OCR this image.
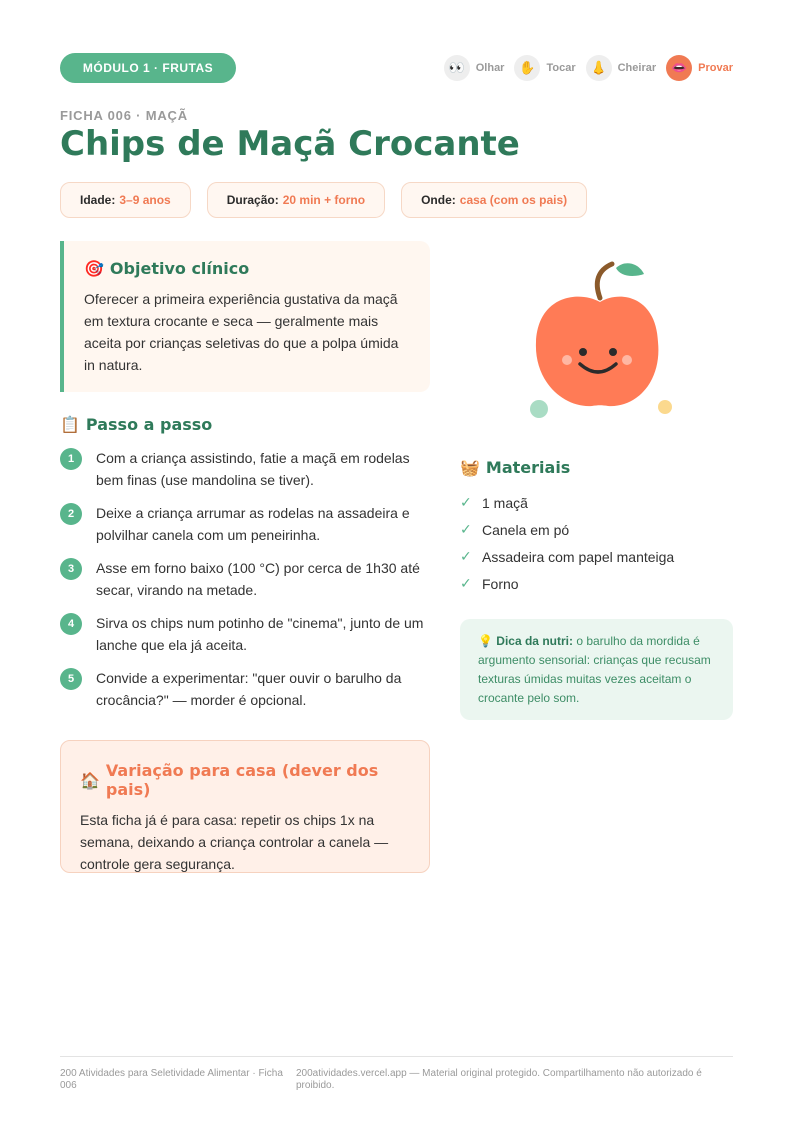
MÓDULO 1 · FRUTAS	👀 Olhar	✋ Tocar	👃 Cheirar	👄 Provar
FICHA 006 · MAÇÃ
Chips de Maçã Crocante
Idade: 3–9 anos	Duração: 20 min + forno	Onde: casa (com os pais)
🎯 Objetivo clínico
Oferecer a primeira experiência gustativa da maçã em textura crocante e seca — geralmente mais aceita por crianças seletivas do que a polpa úmida in natura.
📋 Passo a passo
1	Com a criança assistindo, fatie a maçã em rodelas bem finas (use mandolina se tiver).
2	Deixe a criança arrumar as rodelas na assadeira e polvilhar canela com um peneirinha.
3	Asse em forno baixo (100 °C) por cerca de 1h30 até secar, virando na metade.
4	Sirva os chips num potinho de "cinema", junto de um lanche que ela já aceita.
5	Convide a experimentar: "quer ouvir o barulho da crocância?" — morder é opcional.
🏠 Variação para casa (dever dos pais)
Esta ficha já é para casa: repetir os chips 1x na semana, deixando a criança controlar a canela — controle gera segurança.
🧺 Materiais
✓ 1 maçã
✓ Canela em pó
✓ Assadeira com papel manteiga
✓ Forno
💡 Dica da nutri: o barulho da mordida é argumento sensorial: crianças que recusam texturas úmidas muitas vezes aceitam o crocante pelo som.
200 Atividades para Seletividade Alimentar · Ficha 006
200atividades.vercel.app — Material original protegido. Compartilhamento não autorizado é proibido.
